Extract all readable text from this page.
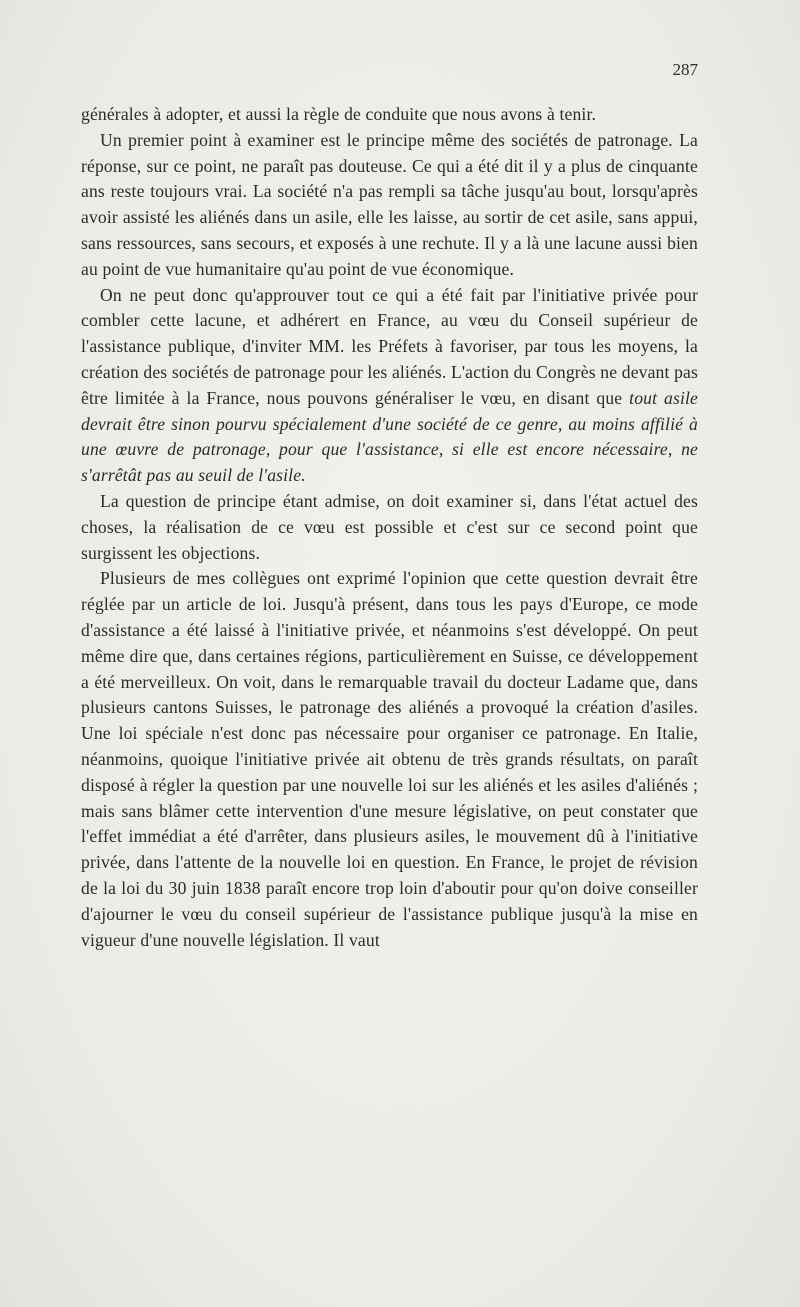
287

générales à adopter, et aussi la règle de conduite que nous avons à tenir.

Un premier point à examiner est le principe même des sociétés de patronage. La réponse, sur ce point, ne paraît pas douteuse. Ce qui a été dit il y a plus de cinquante ans reste toujours vrai. La société n'a pas rempli sa tâche jusqu'au bout, lorsqu'après avoir assisté les aliénés dans un asile, elle les laisse, au sortir de cet asile, sans appui, sans ressources, sans secours, et exposés à une rechute. Il y a là une lacune aussi bien au point de vue humanitaire qu'au point de vue économique.

On ne peut donc qu'approuver tout ce qui a été fait par l'initiative privée pour combler cette lacune, et adhérert en France, au vœu du Conseil supérieur de l'assistance publique, d'inviter MM. les Préfets à favoriser, par tous les moyens, la création des sociétés de patronage pour les aliénés. L'action du Congrès ne devant pas être limitée à la France, nous pouvons généraliser le vœu, en disant que tout asile devrait être sinon pourvu spécialement d'une société de ce genre, au moins affilié à une œuvre de patronage, pour que l'assistance, si elle est encore nécessaire, ne s'arrêtât pas au seuil de l'asile.

La question de principe étant admise, on doit examiner si, dans l'état actuel des choses, la réalisation de ce vœu est possible et c'est sur ce second point que surgissent les objections.

Plusieurs de mes collègues ont exprimé l'opinion que cette question devrait être réglée par un article de loi. Jusqu'à présent, dans tous les pays d'Europe, ce mode d'assistance a été laissé à l'initiative privée, et néanmoins s'est développé. On peut même dire que, dans certaines régions, particulièrement en Suisse, ce développement a été merveilleux. On voit, dans le remarquable travail du docteur Ladame que, dans plusieurs cantons Suisses, le patronage des aliénés a provoqué la création d'asiles. Une loi spéciale n'est donc pas nécessaire pour organiser ce patronage. En Italie, néanmoins, quoique l'initiative privée ait obtenu de très grands résultats, on paraît disposé à régler la question par une nouvelle loi sur les aliénés et les asiles d'aliénés ; mais sans blâmer cette intervention d'une mesure législative, on peut constater que l'effet immédiat a été d'arrêter, dans plusieurs asiles, le mouvement dû à l'initiative privée, dans l'attente de la nouvelle loi en question. En France, le projet de révision de la loi du 30 juin 1838 paraît encore trop loin d'aboutir pour qu'on doive conseiller d'ajourner le vœu du conseil supérieur de l'assistance publique jusqu'à la mise en vigueur d'une nouvelle législation. Il vaut
